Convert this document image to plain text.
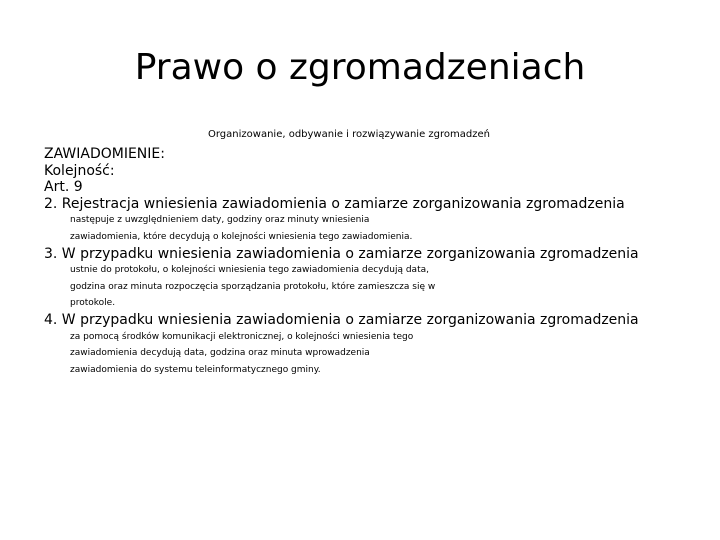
Prawo o zgromadzeniach

Organizowanie, odbywanie i rozwiązywanie zgromadzeń

ZAWIADOMIENIE:

Kolejność:

Art. 9

2. Rejestracja wniesienia zawiadomienia o zamiarze zorganizowania zgromadzenia

następuje z uwzględnieniem daty, godziny oraz minuty wniesienia

zawiadomienia, które decydują o kolejności wniesienia tego zawiadomienia.

3. W przypadku wniesienia zawiadomienia o zamiarze zorganizowania zgromadzenia

ustnie do protokołu, o kolejności wniesienia tego zawiadomienia decydują data,

godzina oraz minuta rozpoczęcia sporządzania protokołu, które zamieszcza się w

protokole.

4. W przypadku wniesienia zawiadomienia o zamiarze zorganizowania zgromadzenia

za pomocą środków komunikacji elektronicznej, o kolejności wniesienia tego

zawiadomienia decydują data, godzina oraz minuta wprowadzenia

zawiadomienia do systemu teleinformatycznego gminy.
